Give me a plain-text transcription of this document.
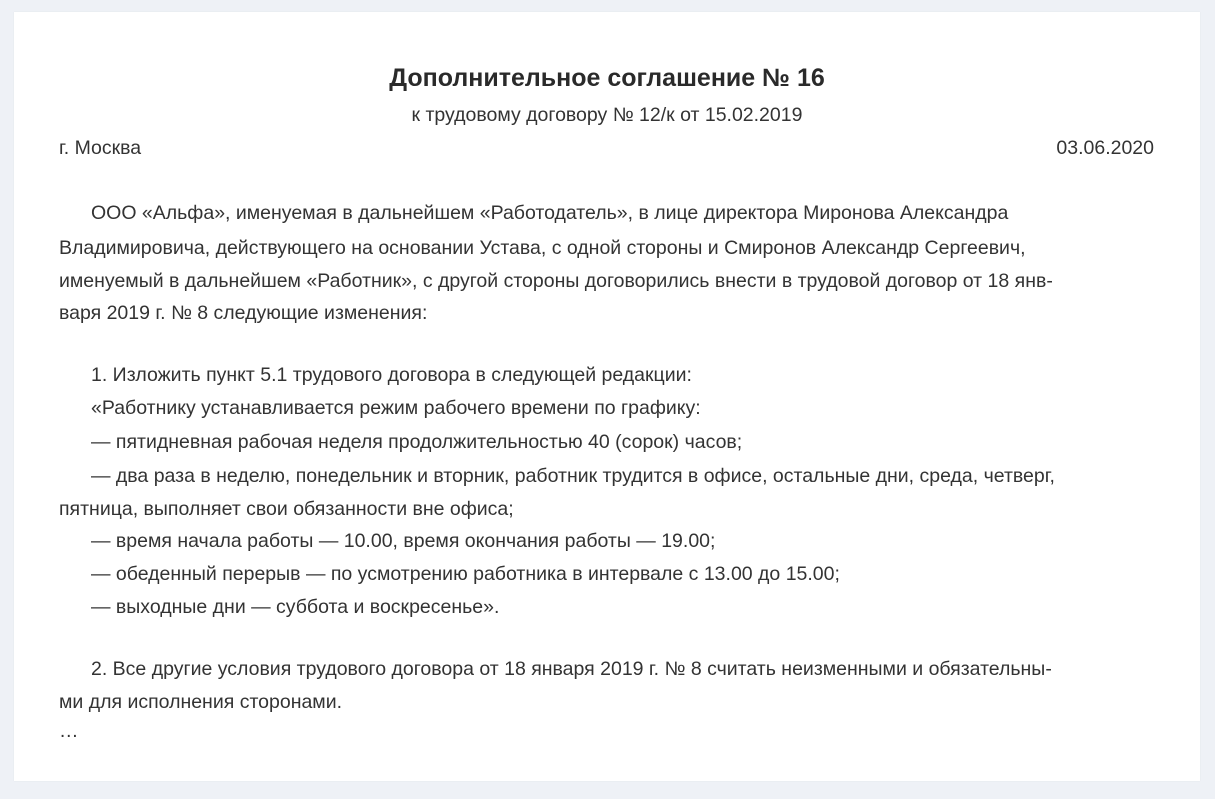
Дополнительное соглашение № 16
к трудовому договору № 12/к от 15.02.2019
г. Москва	03.06.2020
ООО «Альфа», именуемая в дальнейшем «Работодатель», в лице директора Миронова Александра
Владимировича, действующего на основании Устава, с одной стороны и Смиронов Александр Сергеевич,
именуемый в дальнейшем «Работник», с другой стороны договорились внести в трудовой договор от 18 янв-
варя 2019 г. № 8 следующие изменения:
1. Изложить пункт 5.1 трудового договора в следующей редакции:
«Работнику устанавливается режим рабочего времени по графику:
— пятидневная рабочая неделя продолжительностью 40 (сорок) часов;
— два раза в неделю, понедельник и вторник, работник трудится в офисе, остальные дни, среда, четверг,
пятница, выполняет свои обязанности вне офиса;
— время начала работы — 10.00, время окончания работы — 19.00;
— обеденный перерыв — по усмотрению работника в интервале с 13.00 до 15.00;
— выходные дни — суббота и воскресенье».
2. Все другие условия трудового договора от 18 января 2019 г. № 8 считать неизменными и обязательны-
ми для исполнения сторонами.
…
